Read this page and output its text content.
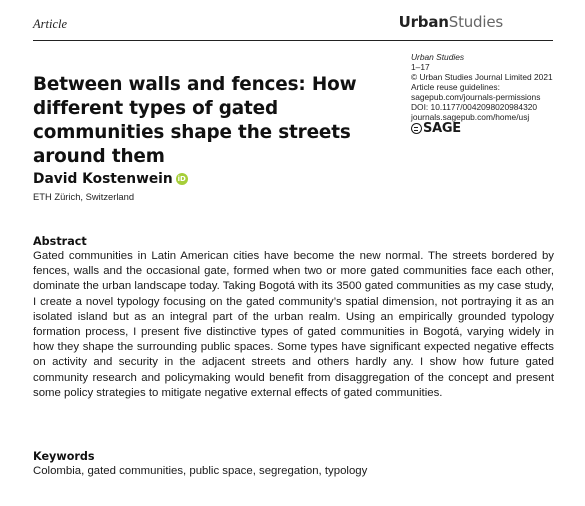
Article	UrbanStudies
Urban Studies
1–17
© Urban Studies Journal Limited 2021
Article reuse guidelines:
sagepub.com/journals-permissions
DOI: 10.1177/0042098020984320
journals.sagepub.com/home/usj
SAGE
Between walls and fences: How different types of gated communities shape the streets around them
David Kostenwein iD
ETH Zürich, Switzerland
Abstract

Gated communities in Latin American cities have become the new normal. The streets bordered by fences, walls and the occasional gate, formed when two or more gated communities face each other, dominate the urban landscape today. Taking Bogotá with its 3500 gated communities as my case study, I create a novel typology focusing on the gated community’s spatial dimension, not portraying it as an isolated island but as an integral part of the urban realm. Using an empirically grounded typology formation process, I present five distinctive types of gated communities in Bogotá, varying widely in how they shape the surrounding public spaces. Some types have significant expected negative effects on activity and security in the adjacent streets and others hardly any. I show how future gated community research and policymaking would benefit from disaggregation of the concept and present some policy strategies to mitigate negative external effects of gated communities.

Keywords
Colombia, gated communities, public space, segregation, typology
